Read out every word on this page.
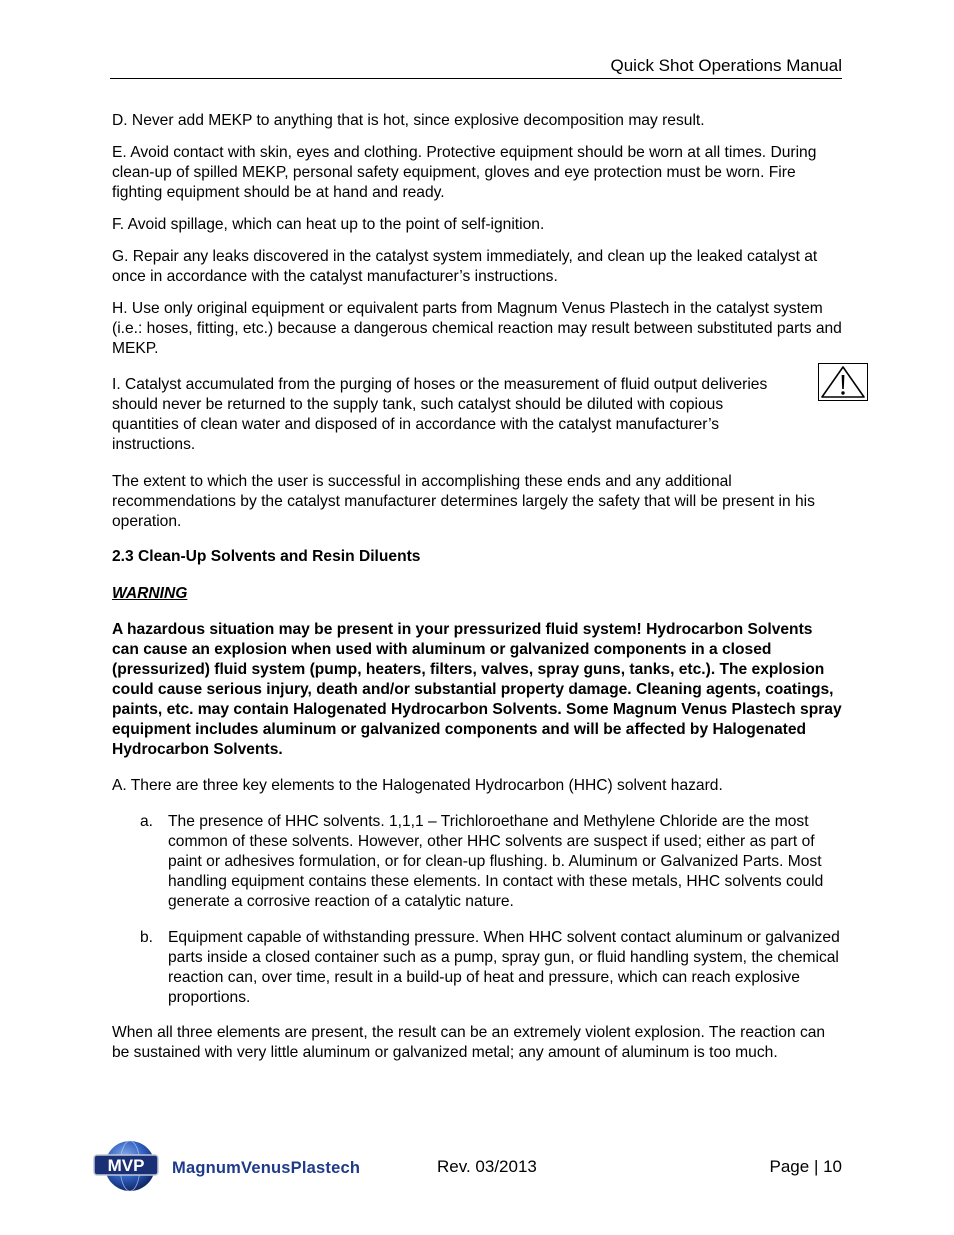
Quick Shot Operations Manual

D. Never add MEKP to anything that is hot, since explosive decomposition may result.

E. Avoid contact with skin, eyes and clothing. Protective equipment should be worn at all times. During clean-up of spilled MEKP, personal safety equipment, gloves and eye protection must be worn. Fire fighting equipment should be at hand and ready.

F. Avoid spillage, which can heat up to the point of self-ignition.

G. Repair any leaks discovered in the catalyst system immediately, and clean up the leaked catalyst at once in accordance with the catalyst manufacturer’s instructions.

H. Use only original equipment or equivalent parts from Magnum Venus Plastech in the catalyst system (i.e.: hoses, fitting, etc.) because a dangerous chemical reaction may result between substituted parts and MEKP.

I. Catalyst accumulated from the purging of hoses or the measurement of fluid output deliveries
should never be returned to the supply tank, such catalyst should be diluted with copious
quantities of clean water and disposed of in accordance with the catalyst manufacturer’s
instructions.

The extent to which the user is successful in accomplishing these ends and any additional recommendations by the catalyst manufacturer determines largely the safety that will be present in his operation.

2.3 Clean-Up Solvents and Resin Diluents

WARNING

A hazardous situation may be present in your pressurized fluid system! Hydrocarbon Solvents can cause an explosion when used with aluminum or galvanized components in a closed (pressurized) fluid system (pump, heaters, filters, valves, spray guns, tanks, etc.). The explosion could cause serious injury, death and/or substantial property damage. Cleaning agents, coatings, paints, etc. may contain Halogenated Hydrocarbon Solvents. Some Magnum Venus Plastech spray equipment includes aluminum or galvanized components and will be affected by Halogenated Hydrocarbon Solvents.

A. There are three key elements to the Halogenated Hydrocarbon (HHC) solvent hazard.

a. The presence of HHC solvents. 1,1,1 – Trichloroethane and Methylene Chloride are the most common of these solvents. However, other HHC solvents are suspect if used; either as part of paint or adhesives formulation, or for clean-up flushing. b. Aluminum or Galvanized Parts. Most handling equipment contains these elements. In contact with these metals, HHC solvents could generate a corrosive reaction of a catalytic nature.

b. Equipment capable of withstanding pressure. When HHC solvent contact aluminum or galvanized parts inside a closed container such as a pump, spray gun, or fluid handling system, the chemical reaction can, over time, result in a build-up of heat and pressure, which can reach explosive proportions.

When all three elements are present, the result can be an extremely violent explosion. The reaction can be sustained with very little aluminum or galvanized metal; any amount of aluminum is too much.

MVP MagnumVenusPlastech	Rev. 03/2013	Page | 10
